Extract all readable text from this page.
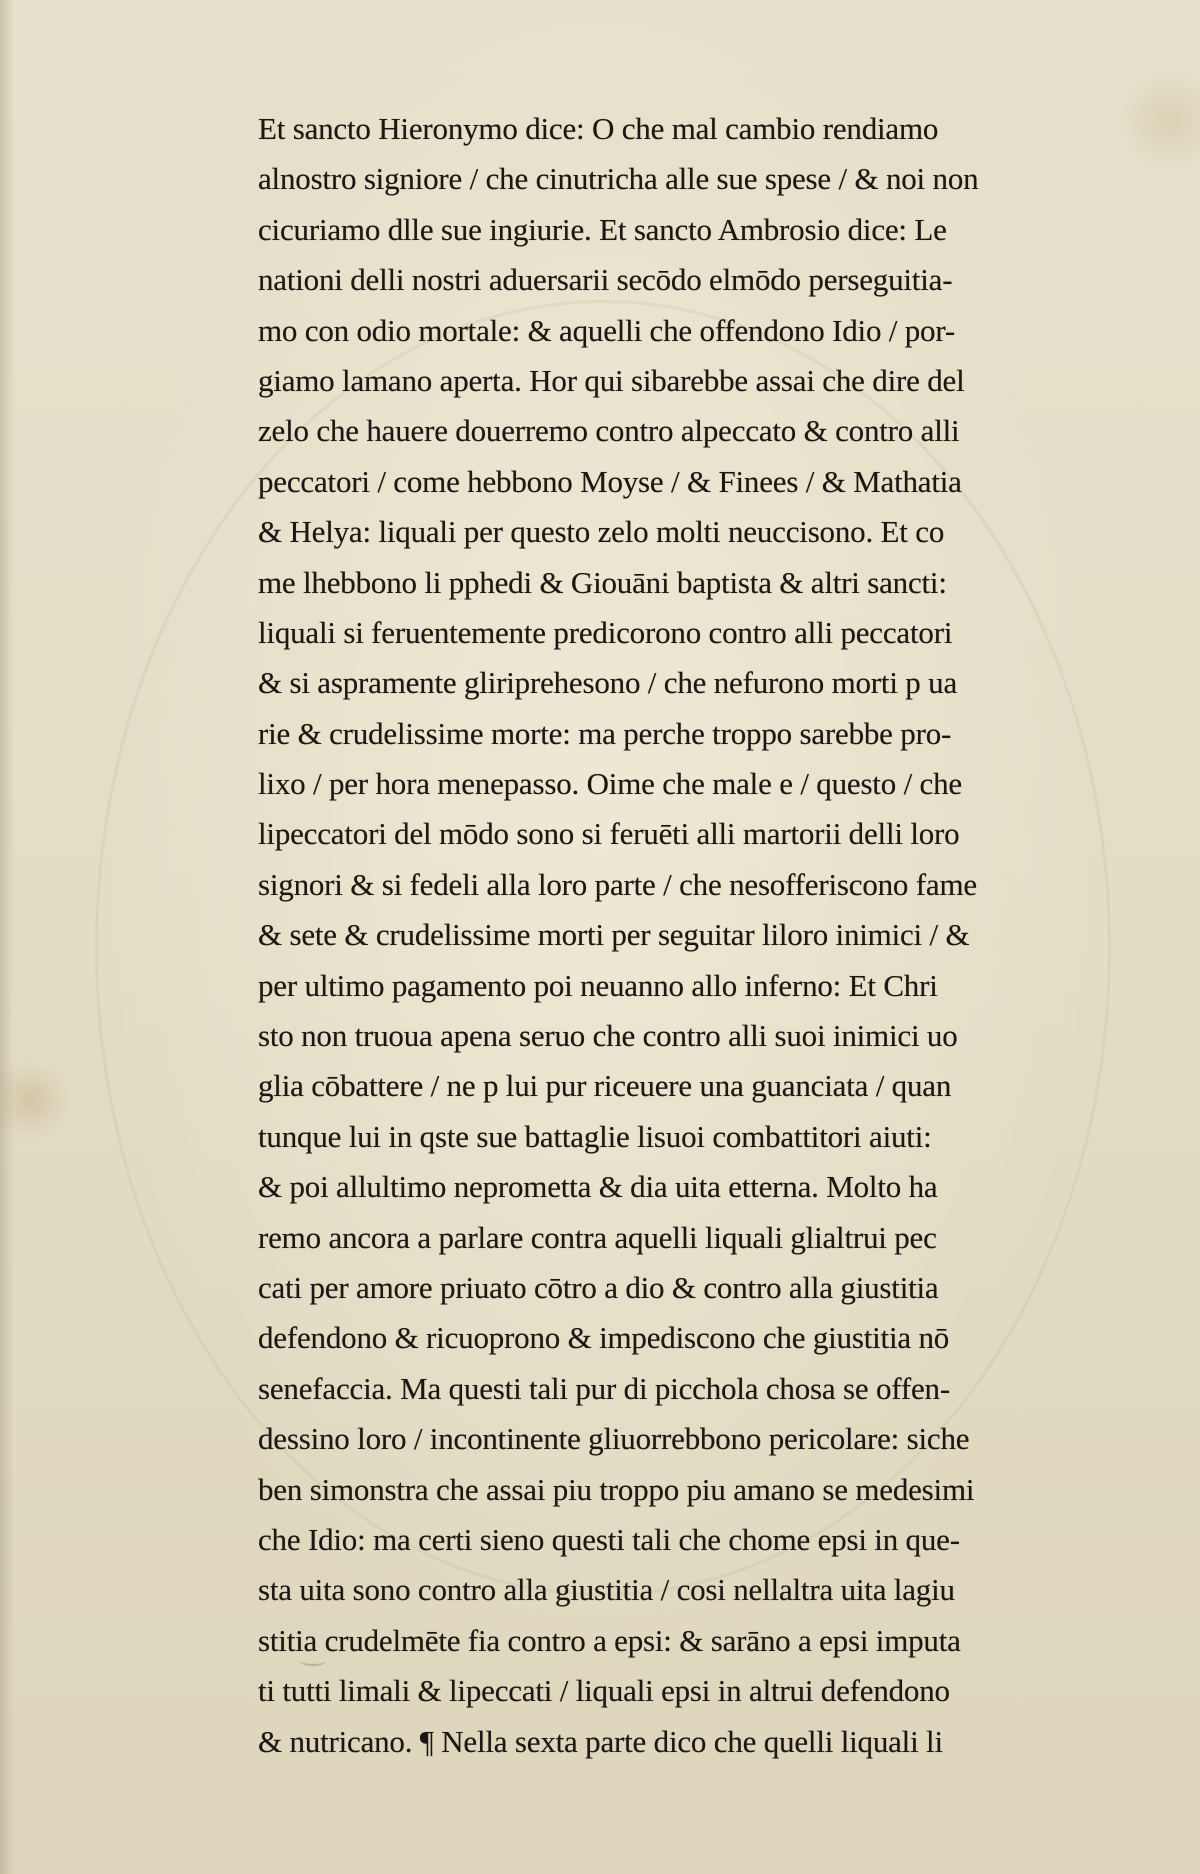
Et sancto Hieronymo dice: O che mal cambio rendiamo
alnostro signiore / che cinutricha alle sue spese / & noi non
cicuriamo dlle sue ingiurie. Et sancto Ambrosio dice: Le
nationi delli nostri aduersarii secōdo elmōdo perseguitia-
mo con odio mortale: & aquelli che offendono Idio / por-
giamo lamano aperta. Hor qui sibarebbe assai che dire del
zelo che hauere douerremo contro alpeccato & contro alli
peccatori / come hebbono Moyse / & Finees / & Mathatia
& Helya: liquali per questo zelo molti neuccisono. Et co
me lhebbono li pphedi & Giouāni baptista & altri sancti:
liquali si feruentemente predicorono contro alli peccatori
& si aspramente gliriprehesono / che nefurono morti p ua
rie & crudelissime morte: ma perche troppo sarebbe pro-
lixo / per hora menepasso. Oime che male e / questo / che
lipeccatori del mōdo sono si feruēti alli martorii delli loro
signori & si fedeli alla loro parte / che nesofferiscono fame
& sete & crudelissime morti per seguitar liloro inimici / &
per ultimo pagamento poi neuanno allo inferno: Et Chri
sto non truoua apena seruo che contro alli suoi inimici uo
glia cōbattere / ne p lui pur riceuere una guanciata / quan
tunque lui in qste sue battaglie lisuoi combattitori aiuti:
& poi allultimo neprometta & dia uita etterna. Molto ha
remo ancora a parlare contra aquelli liquali glialtrui pec
cati per amore priuato cōtro a dio & contro alla giustitia
defendono & ricuoprono & impediscono che giustitia nō
senefaccia. Ma questi tali pur di picchola chosa se offen-
dessino loro / incontinente gliuorrebbono pericolare: siche
ben simonstra che assai piu troppo piu amano se medesimi
che Idio: ma certi sieno questi tali che chome epsi in que-
sta uita sono contro alla giustitia / cosi nellaltra uita lagiu
stitia crudelmēte fia contro a epsi: & sarāno a epsi imputa
ti tutti limali & lipeccati / liquali epsi in altrui defendono
& nutricano. ¶ Nella sexta parte dico che quelli liquali li
